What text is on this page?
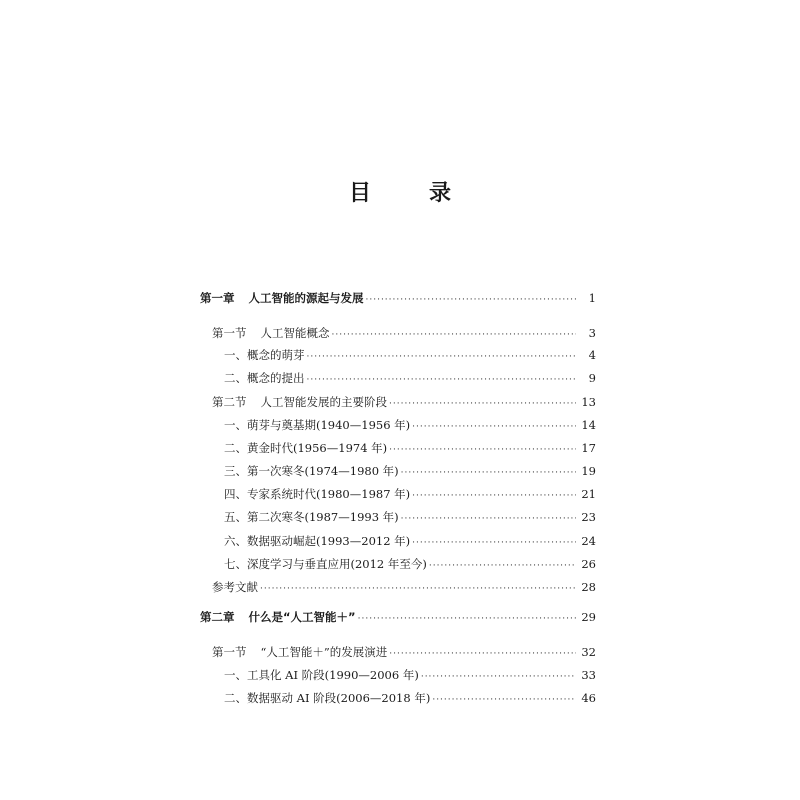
目　录
第一章 人工智能的源起与发展 ·····	1
第一节 人工智能概念 ·····	3
一、概念的萌芽 ·····	4
二、概念的提出 ·····	9
第二节 人工智能发展的主要阶段 ·····	13
一、萌芽与奠基期(1940—1956 年) ·····	14
二、黄金时代(1956—1974 年) ·····	17
三、第一次寒冬(1974—1980 年) ·····	19
四、专家系统时代(1980—1987 年) ·····	21
五、第二次寒冬(1987—1993 年) ·····	23
六、数据驱动崛起(1993—2012 年) ·····	24
七、深度学习与垂直应用(2012 年至今) ·····	26
参考文献 ·····	28
第二章 什么是“人工智能＋” ·····	29
第一节 “人工智能＋”的发展演进 ·····	32
一、工具化 AI 阶段(1990—2006 年) ·····	33
二、数据驱动 AI 阶段(2006—2018 年) ·····	46
